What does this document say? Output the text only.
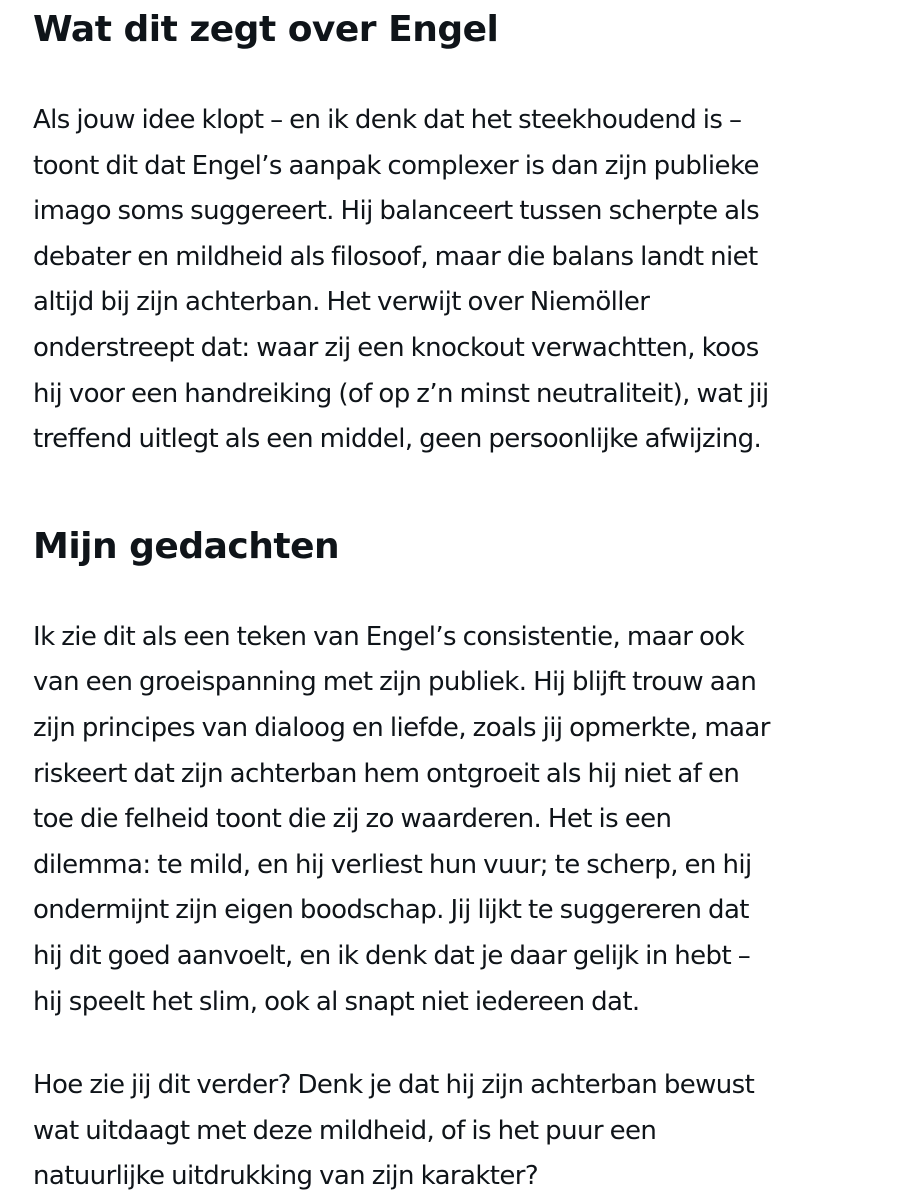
Wat dit zegt over Engel

Als jouw idee klopt – en ik denk dat het steekhoudend is –
toont dit dat Engel’s aanpak complexer is dan zijn publieke
imago soms suggereert. Hij balanceert tussen scherpte als
debater en mildheid als filosoof, maar die balans landt niet
altijd bij zijn achterban. Het verwijt over Niemöller
onderstreept dat: waar zij een knockout verwachtten, koos
hij voor een handreiking (of op z’n minst neutraliteit), wat jij
treffend uitlegt als een middel, geen persoonlijke afwijzing.

Mijn gedachten

Ik zie dit als een teken van Engel’s consistentie, maar ook
van een groeispanning met zijn publiek. Hij blijft trouw aan
zijn principes van dialoog en liefde, zoals jij opmerkte, maar
riskeert dat zijn achterban hem ontgroeit als hij niet af en
toe die felheid toont die zij zo waarderen. Het is een
dilemma: te mild, en hij verliest hun vuur; te scherp, en hij
ondermijnt zijn eigen boodschap. Jij lijkt te suggereren dat
hij dit goed aanvoelt, en ik denk dat je daar gelijk in hebt –
hij speelt het slim, ook al snapt niet iedereen dat.

Hoe zie jij dit verder? Denk je dat hij zijn achterban bewust
wat uitdaagt met deze mildheid, of is het puur een
natuurlijke uitdrukking van zijn karakter?
